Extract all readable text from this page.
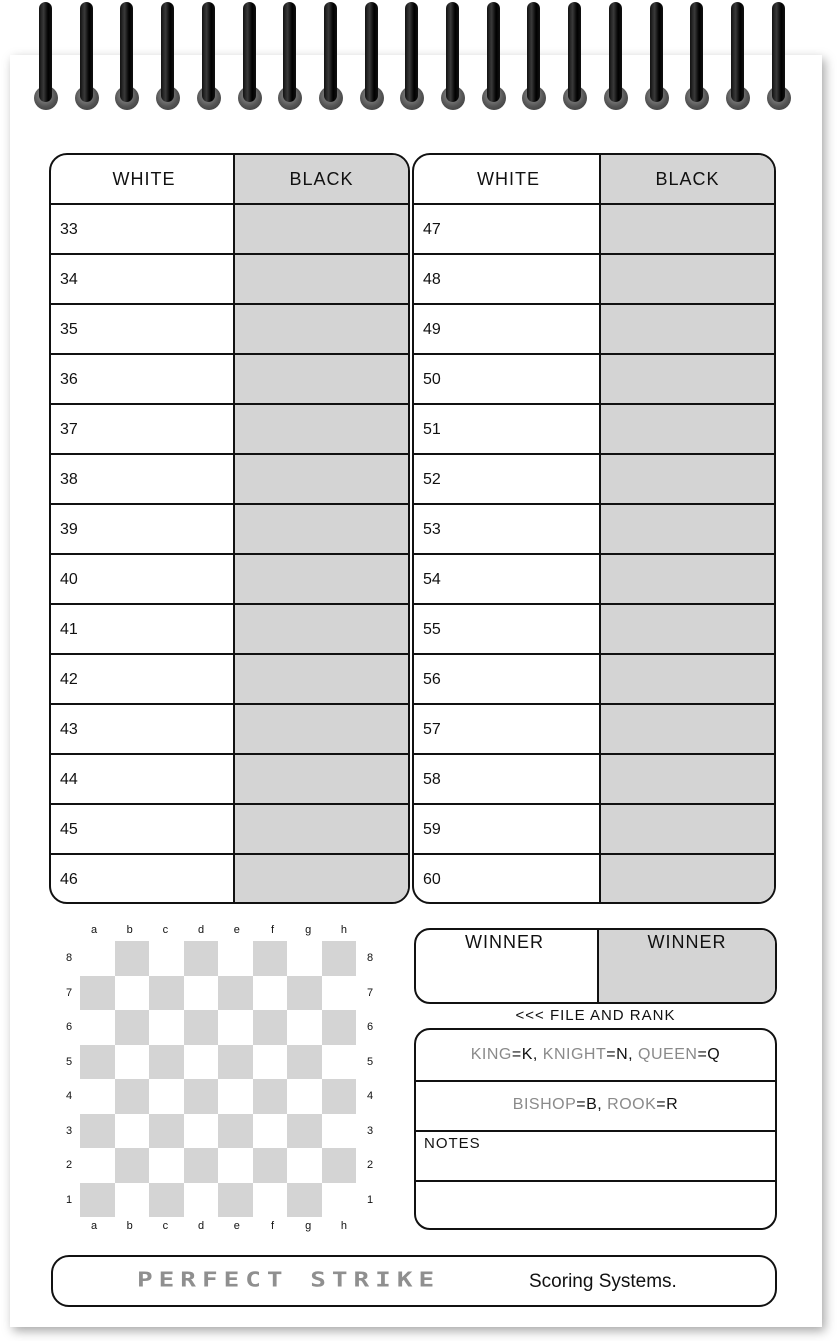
WHITE	BLACK
33
34
35
36
37
38
39
40
41
42
43
44
45
46
WHITE	BLACK
47
48
49
50
51
52
53
54
55
56
57
58
59
60
a
a
b
b
c
c
d
d
e
e
f
f
g
g
h
h
8	8
7	7
6	6
5	5
4	4
3	3
2	2
1	1
WINNER	WINNER
<<< FILE AND RANK
KING=K, KNIGHT=N, QUEEN=Q
BISHOP=B, ROOK=R
NOTES
PERFECT STRIKE	Scoring Systems.
